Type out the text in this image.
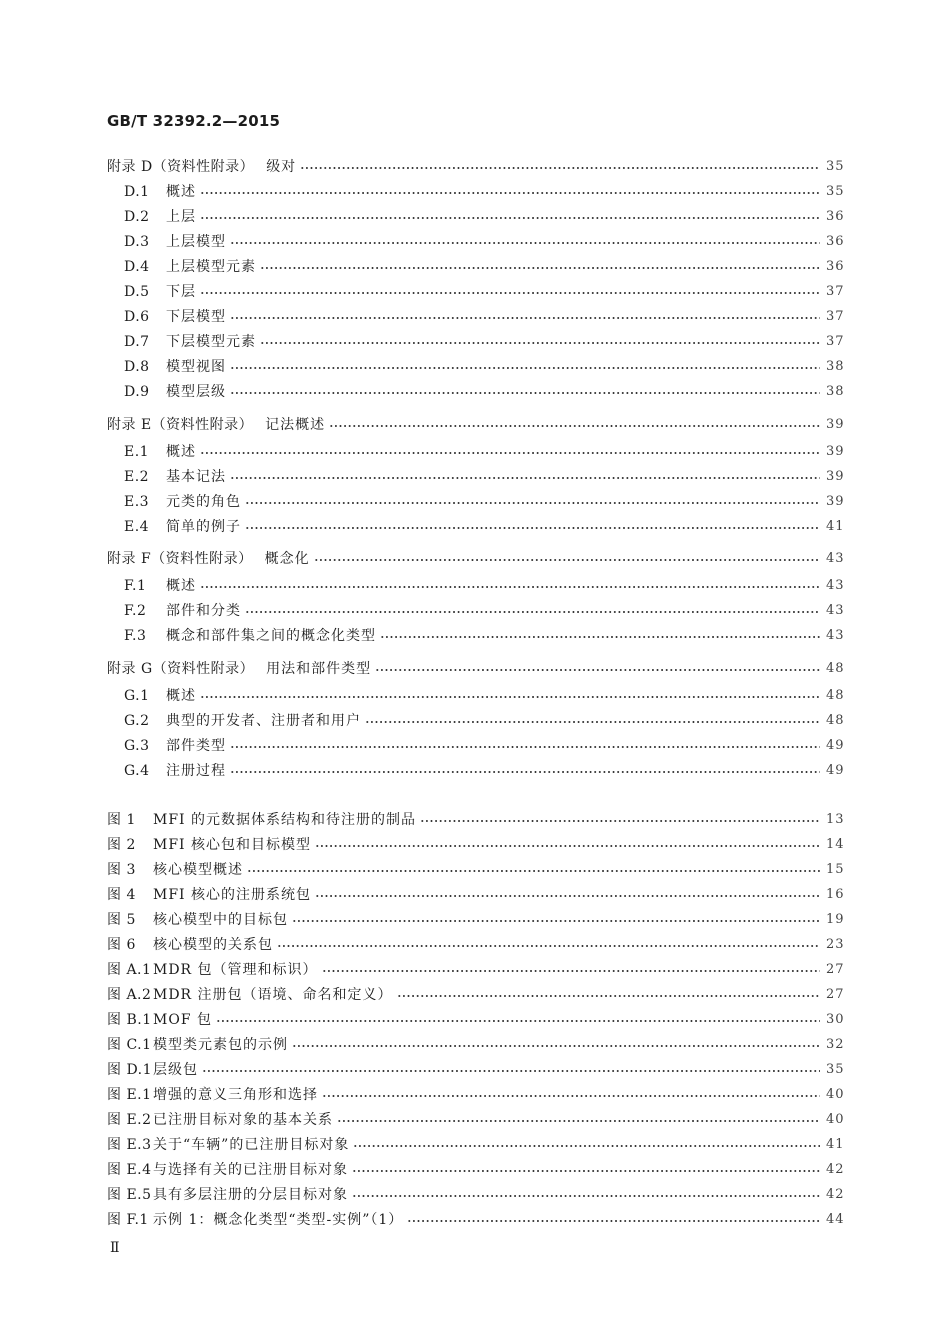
GB/T 32392.2—2015
附录 D（资料性附录） 级对	35
D.1	概述	35
D.2	上层	36
D.3	上层模型	36
D.4	上层模型元素	36
D.5	下层	37
D.6	下层模型	37
D.7	下层模型元素	37
D.8	模型视图	38
D.9	模型层级	38
附录 E（资料性附录） 记法概述	39
E.1	概述	39
E.2	基本记法	39
E.3	元类的角色	39
E.4	简单的例子	41
附录 F（资料性附录） 概念化	43
F.1	概述	43
F.2	部件和分类	43
F.3	概念和部件集之间的概念化类型	43
附录 G（资料性附录） 用法和部件类型	48
G.1	概述	48
G.2	典型的开发者、注册者和用户	48
G.3	部件类型	49
G.4	注册过程	49
图 1	MFI 的元数据体系结构和待注册的制品	13
图 2	MFI 核心包和目标模型	14
图 3	核心模型概述	15
图 4	MFI 核心的注册系统包	16
图 5	核心模型中的目标包	19
图 6	核心模型的关系包	23
图 A.1 MDR 包（管理和标识）	27
图 A.2 MDR 注册包（语境、命名和定义）	27
图 B.1 MOF 包	30
图 C.1 模型类元素包的示例	32
图 D.1 层级包	35
图 E.1 增强的意义三角形和选择	40
图 E.2 已注册目标对象的基本关系	40
图 E.3 关于“车辆”的已注册目标对象	41
图 E.4 与选择有关的已注册目标对象	42
图 E.5 具有多层注册的分层目标对象	42
图 F.1 示例 1：概念化类型“类型-实例”（1）	44
Ⅱ
